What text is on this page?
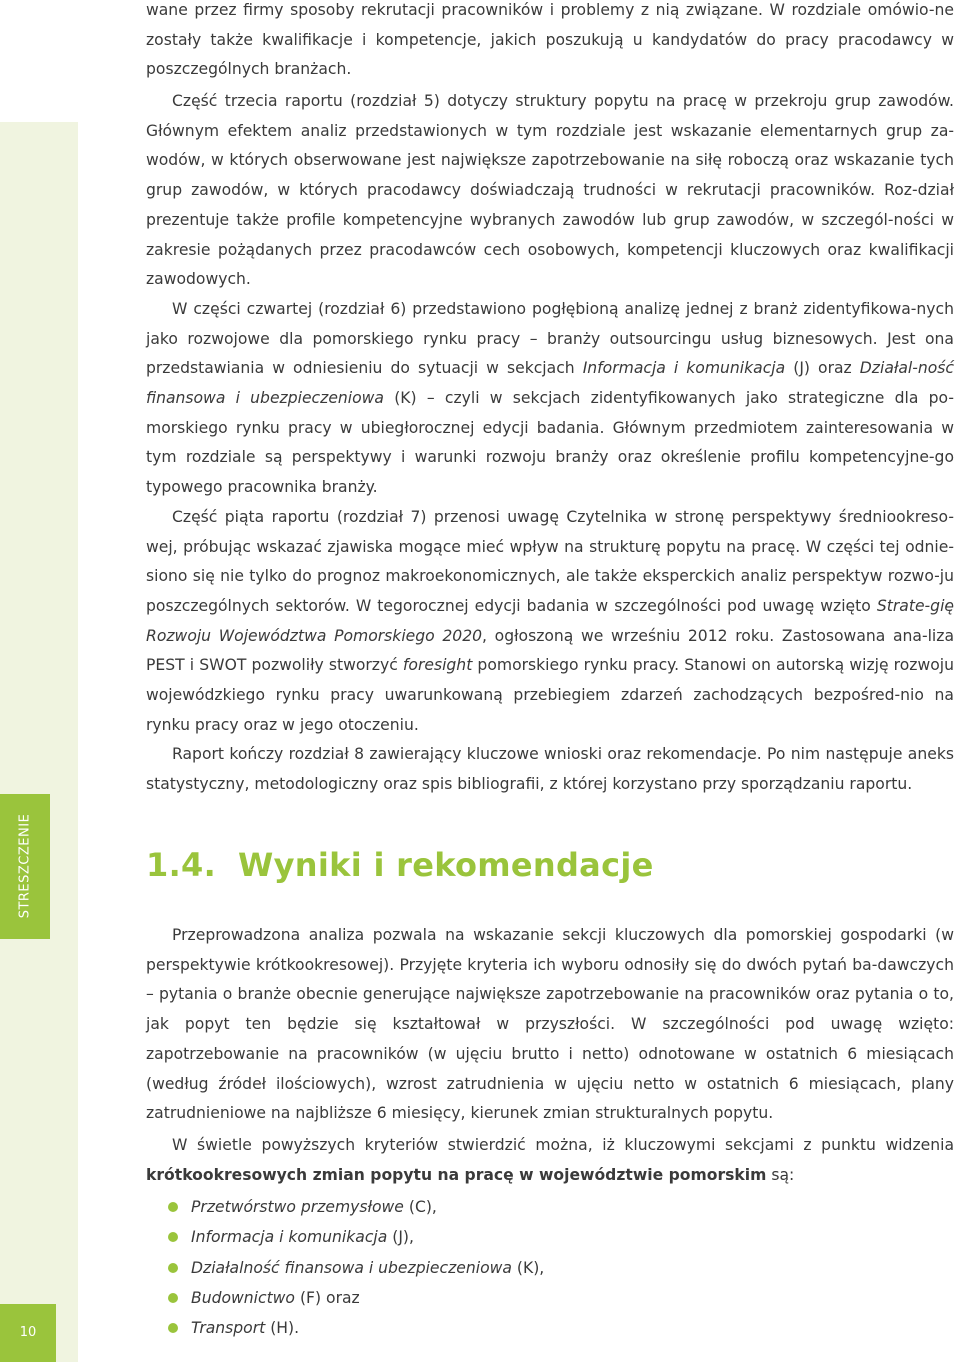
STRESZCZENIE
10

wane przez firmy sposoby rekrutacji pracowników i problemy z nią związane. W rozdziale omówio-ne zostały także kwalifikacje i kompetencje, jakich poszukują u kandydatów do pracy pracodawcy w poszczególnych branżach.

Część trzecia raportu (rozdział 5) dotyczy struktury popytu na pracę w przekroju grup zawodów. Głównym efektem analiz przedstawionych w tym rozdziale jest wskazanie elementarnych grup za-wodów, w których obserwowane jest największe zapotrzebowanie na siłę roboczą oraz wskazanie tych grup zawodów, w których pracodawcy doświadczają trudności w rekrutacji pracowników. Roz-dział prezentuje także profile kompetencyjne wybranych zawodów lub grup zawodów, w szczegól-ności w zakresie pożądanych przez pracodawców cech osobowych, kompetencji kluczowych oraz kwalifikacji zawodowych.

W części czwartej (rozdział 6) przedstawiono pogłębioną analizę jednej z branż zidentyfikowa-nych jako rozwojowe dla pomorskiego rynku pracy – branży outsourcingu usług biznesowych. Jest ona przedstawiania w odniesieniu do sytuacji w sekcjach Informacja i komunikacja (J) oraz Działal-ność finansowa i ubezpieczeniowa (K) – czyli w sekcjach zidentyfikowanych jako strategiczne dla po-morskiego rynku pracy w ubiegłorocznej edycji badania. Głównym przedmiotem zainteresowania w tym rozdziale są perspektywy i warunki rozwoju branży oraz określenie profilu kompetencyjne-go typowego pracownika branży.

Część piąta raportu (rozdział 7) przenosi uwagę Czytelnika w stronę perspektywy średniookreso-wej, próbując wskazać zjawiska mogące mieć wpływ na strukturę popytu na pracę. W części tej odnie-siono się nie tylko do prognoz makroekonomicznych, ale także eksperckich analiz perspektyw rozwo-ju poszczególnych sektorów. W tegorocznej edycji badania w szczególności pod uwagę wzięto Strate-gię Rozwoju Województwa Pomorskiego 2020, ogłoszoną we wrześniu 2012 roku. Zastosowana ana-liza PEST i SWOT pozwoliły stworzyć foresight pomorskiego rynku pracy. Stanowi on autorską wizję rozwoju wojewódzkiego rynku pracy uwarunkowaną przebiegiem zdarzeń zachodzących bezpośred-nio na rynku pracy oraz w jego otoczeniu.

Raport kończy rozdział 8 zawierający kluczowe wnioski oraz rekomendacje. Po nim następuje aneks statystyczny, metodologiczny oraz spis bibliografii, z której korzystano przy sporządzaniu raportu.

1.4. Wyniki i rekomendacje

Przeprowadzona analiza pozwala na wskazanie sekcji kluczowych dla pomorskiej gospodarki (w perspektywie krótkookresowej). Przyjęte kryteria ich wyboru odnosiły się do dwóch pytań ba-dawczych – pytania o branże obecnie generujące największe zapotrzebowanie na pracowników oraz pytania o to, jak popyt ten będzie się kształtował w przyszłości. W szczególności pod uwagę wzięto: zapotrzebowanie na pracowników (w ujęciu brutto i netto) odnotowane w ostatnich 6 miesiącach (według źródeł ilościowych), wzrost zatrudnienia w ujęciu netto w ostatnich 6 miesiącach, plany zatrudnieniowe na najbliższe 6 miesięcy, kierunek zmian strukturalnych popytu.

W świetle powyższych kryteriów stwierdzić można, iż kluczowymi sekcjami z punktu widzenia krótkookresowych zmian popytu na pracę w województwie pomorskim są:

Przetwórstwo przemysłowe (C),
Informacja i komunikacja (J),
Działalność finansowa i ubezpieczeniowa (K),
Budownictwo (F) oraz
Transport (H).
